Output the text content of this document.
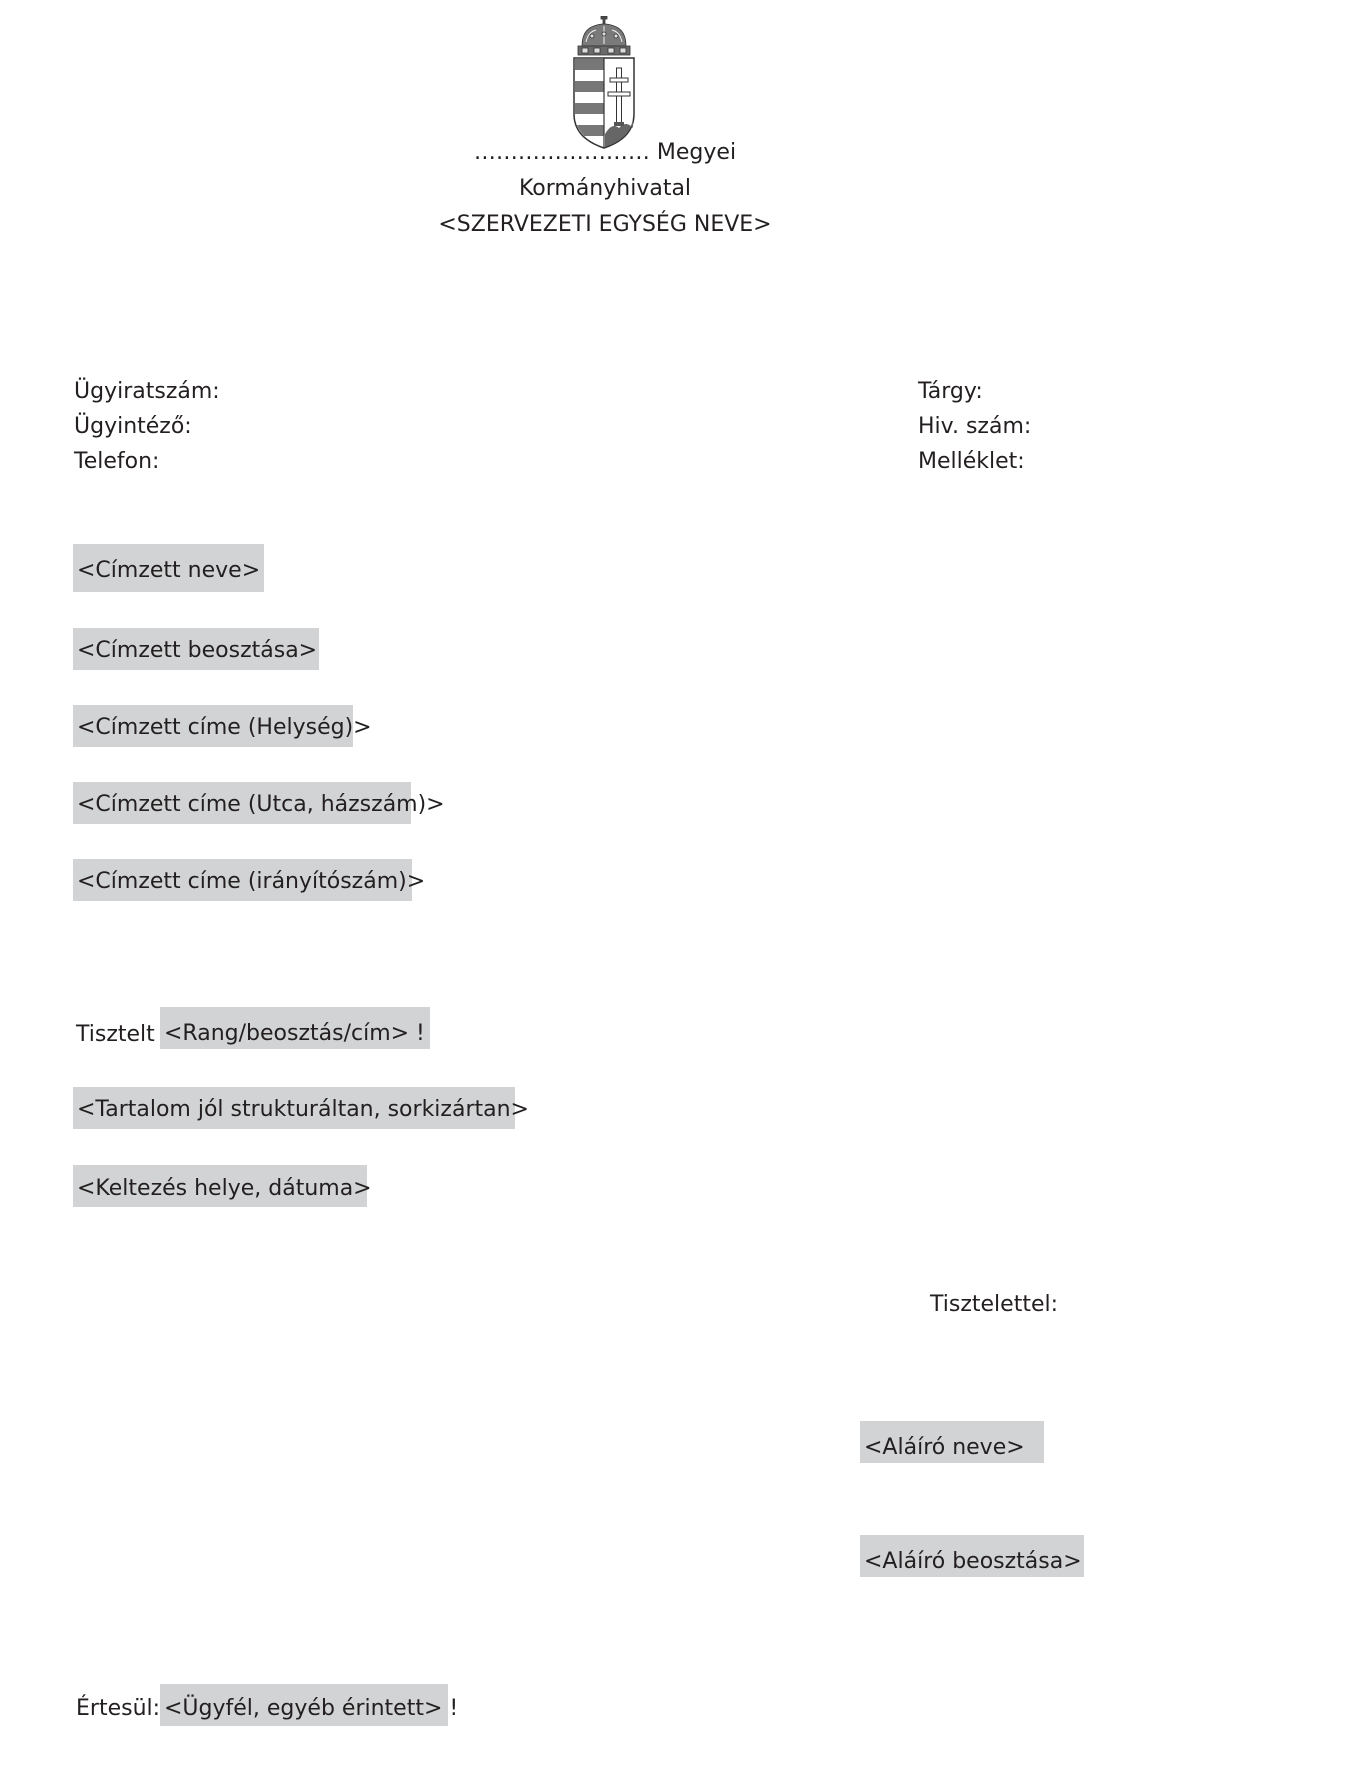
…………………… Megyei
Kormányhivatal
<SZERVEZETI EGYSÉG NEVE>
Ügyiratszám:
Ügyintéző:
Telefon:
Tárgy:
Hiv. szám:
Melléklet:
<Címzett neve>
<Címzett beosztása>
<Címzett címe (Helység)>
<Címzett címe (Utca, házszám)>
<Címzett címe (irányítószám)>
Tisztelt <Rang/beosztás/cím> !
<Tartalom jól strukturáltan, sorkizártan>
<Keltezés helye, dátuma>
Tisztelettel:
<Aláíró neve>
<Aláíró beosztása>
Értesül: <Ügyfél, egyéb érintett> !
